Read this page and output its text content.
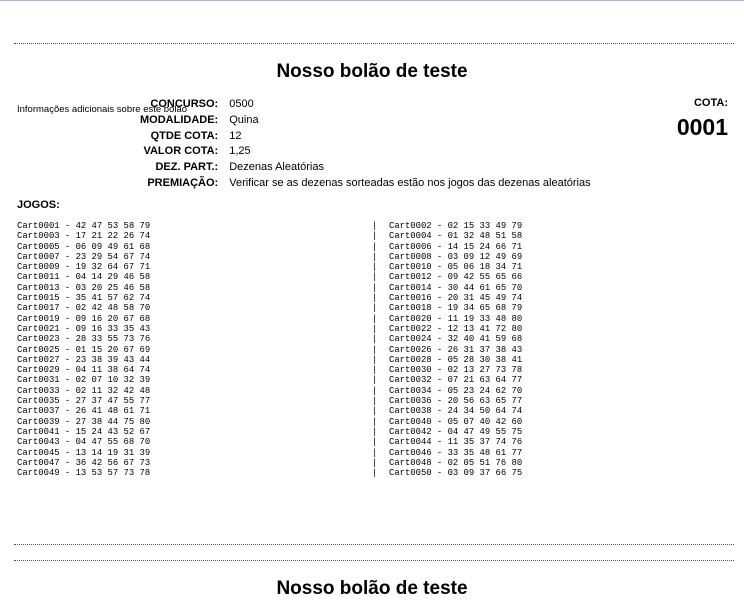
Nosso bolão de teste
Informações adicionais sobre este bolão
CONCURSO:	0500
MODALIDADE:	Quina
QTDE COTA:	12
VALOR COTA:	1,25
DEZ. PART.:	Dezenas Aleatórias
PREMIAÇÃO:	Verificar se as dezenas sorteadas estão nos jogos das dezenas aleatórias
COTA:
0001
JOGOS:
Cart0001 - 42 47 53 58 79	|	Cart0002 - 02 15 33 49 79
Cart0003 - 17 21 22 26 74	|	Cart0004 - 01 32 48 51 58
Cart0005 - 06 09 49 61 68	|	Cart0006 - 14 15 24 66 71
Cart0007 - 23 29 54 67 74	|	Cart0008 - 03 09 12 49 69
Cart0009 - 19 32 64 67 71	|	Cart0010 - 05 06 18 34 71
Cart0011 - 04 14 29 46 58	|	Cart0012 - 09 42 55 65 66
Cart0013 - 03 20 25 46 58	|	Cart0014 - 30 44 61 65 70
Cart0015 - 35 41 57 62 74	|	Cart0016 - 20 31 45 49 74
Cart0017 - 02 42 48 58 70	|	Cart0018 - 19 34 65 68 79
Cart0019 - 09 16 20 67 68	|	Cart0020 - 11 19 33 48 80
Cart0021 - 09 16 33 35 43	|	Cart0022 - 12 13 41 72 80
Cart0023 - 28 33 55 73 76	|	Cart0024 - 32 40 41 59 68
Cart0025 - 01 15 20 67 69	|	Cart0026 - 26 31 37 38 43
Cart0027 - 23 38 39 43 44	|	Cart0028 - 05 28 30 38 41
Cart0029 - 04 11 38 64 74	|	Cart0030 - 02 13 27 73 78
Cart0031 - 02 07 10 32 39	|	Cart0032 - 07 21 63 64 77
Cart0033 - 02 11 32 42 48	|	Cart0034 - 05 23 24 62 70
Cart0035 - 27 37 47 55 77	|	Cart0036 - 20 56 63 65 77
Cart0037 - 26 41 48 61 71	|	Cart0038 - 24 34 50 64 74
Cart0039 - 27 38 44 75 80	|	Cart0040 - 05 07 40 42 60
Cart0041 - 15 24 43 52 67	|	Cart0042 - 04 47 49 55 75
Cart0043 - 04 47 55 68 70	|	Cart0044 - 11 35 37 74 76
Cart0045 - 13 14 19 31 39	|	Cart0046 - 33 35 48 61 77
Cart0047 - 36 42 56 67 73	|	Cart0048 - 02 05 51 76 80
Cart0049 - 13 53 57 73 78	|	Cart0050 - 03 09 37 66 75
Nosso bolão de teste
